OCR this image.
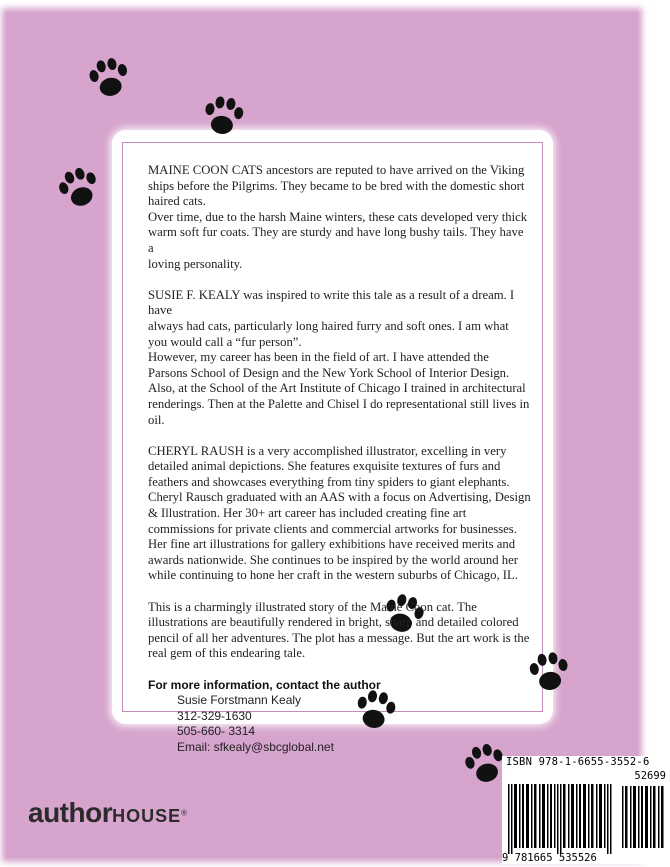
MAINE COON CATS ancestors are reputed to have arrived on the Viking
ships before the Pilgrims. They became to be bred with the domestic short
haired cats.
Over time, due to the harsh Maine winters, these cats developed very thick
warm soft fur coats. They are sturdy and have long bushy tails. They have a
loving personality.

SUSIE F. KEALY was inspired to write this tale as a result of a dream. I have
always had cats, particularly long haired furry and soft ones. I am what
you would call a “fur person”.
However, my career has been in the field of art. I have attended the
Parsons School of Design and the New York School of Interior Design.
Also, at the School of the Art Institute of Chicago I trained in architectural
renderings. Then at the Palette and Chisel I do representational still lives in
oil.

CHERYL RAUSH is a very accomplished illustrator, excelling in very
detailed animal depictions. She features exquisite textures of furs and
feathers and showcases everything from tiny spiders to giant elephants.
Cheryl Rausch graduated with an AAS with a focus on Advertising, Design
& Illustration. Her 30+ art career has included creating fine art
commissions for private clients and commercial artworks for businesses.
Her fine art illustrations for gallery exhibitions have received merits and
awards nationwide. She continues to be inspired by the world around her
while continuing to hone her craft in the western suburbs of Chicago, IL.

This is a charmingly illustrated story of the Maine Coon cat. The
illustrations are beautifully rendered in bright, sharp and detailed colored
pencil of all her adventures. The plot has a message. But the art work is the
real gem of this endearing tale.

For more information, contact the author
Susie Forstmann Kealy
312-329-1630
505-660- 3314
Email: sfkealy@sbcglobal.net
authorHOUSE®
ISBN 978-1-6655-3552-6
52699
9 781665 535526
